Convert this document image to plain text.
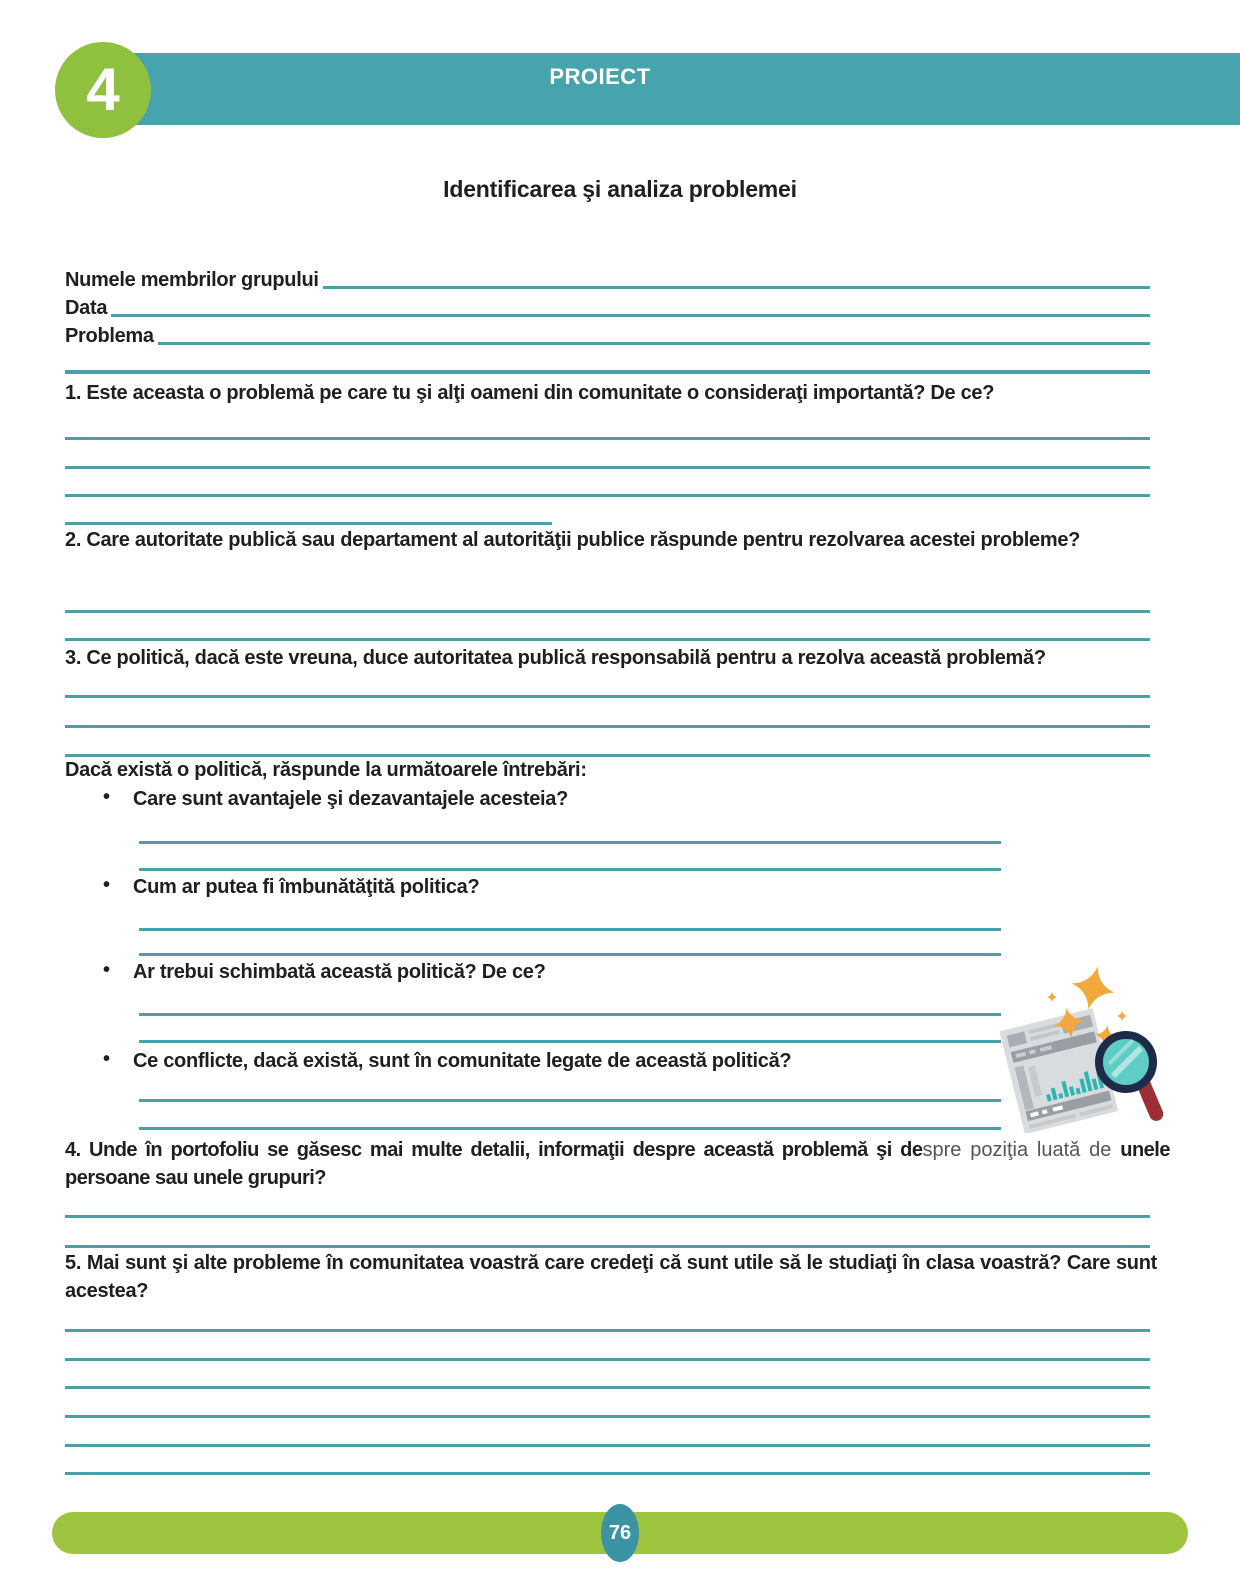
PROIECT
4
Identificarea şi analiza problemei
Numele membrilor grupului
Data
Problema
1. Este aceasta o problemă pe care tu şi alţi oameni din comunitate o consideraţi importantă? De ce?
2. Care autoritate publică sau departament al autorităţii publice răspunde pentru rezolvarea acestei probleme?
3. Ce politică, dacă este vreuna, duce autoritatea publică responsabilă pentru a rezolva această problemă?
Dacă există o politică, răspunde la următoarele întrebări:
• Care sunt avantajele şi dezavantajele acesteia?
• Cum ar putea fi îmbunătăţită politica?
• Ar trebui schimbată această politică? De ce?
• Ce conflicte, dacă există, sunt în comunitate legate de această politică?
4. Unde în portofoliu se găsesc mai multe detalii, informaţii despre această problemă şi despre poziţia luată de unele persoane sau unele grupuri?
5. Mai sunt şi alte probleme în comunitatea voastră care credeţi că sunt utile să le studiaţi în clasa voastră? Care sunt acestea?
76
